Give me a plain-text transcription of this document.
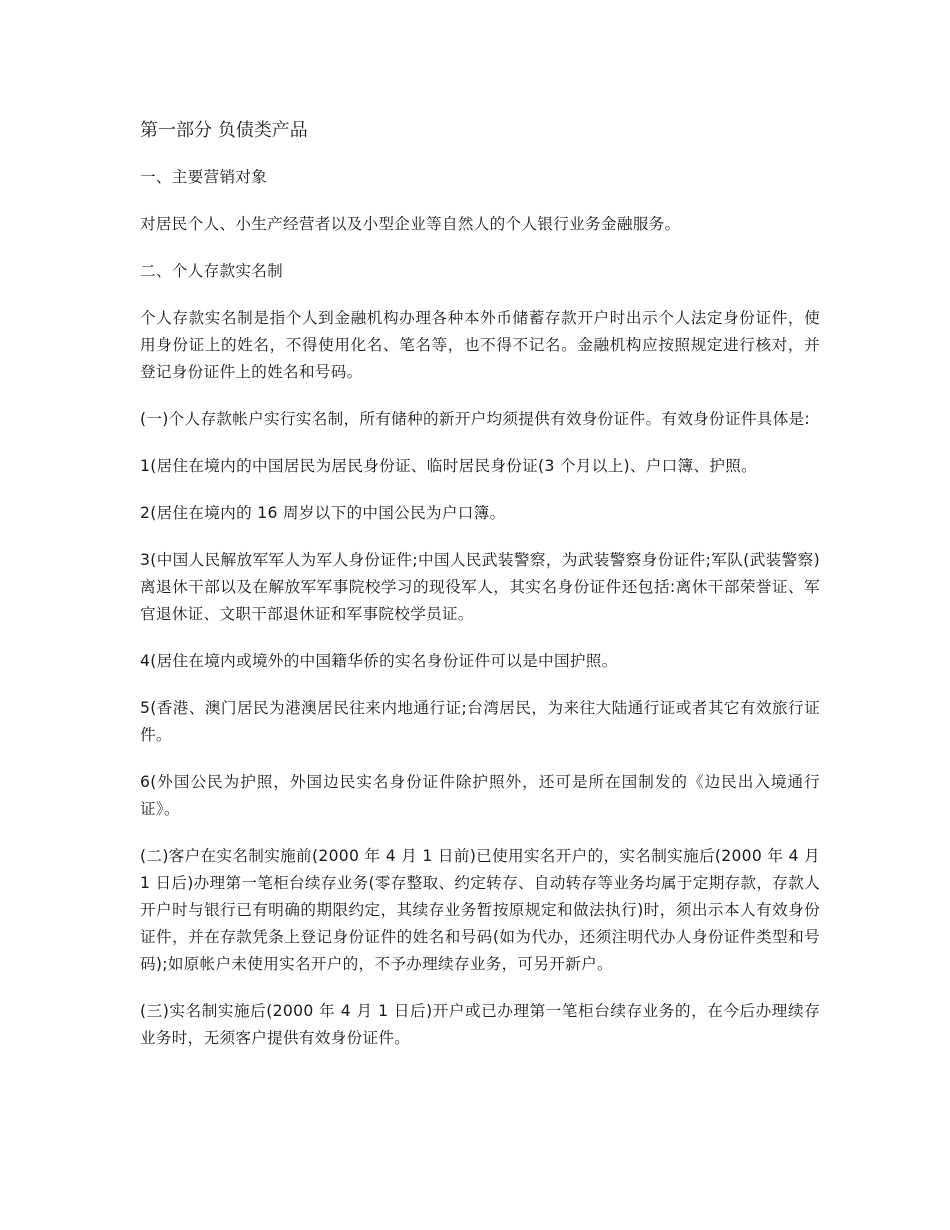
第一部分 负债类产品

一、主要营销对象

对居民个人、小生产经营者以及小型企业等自然人的个人银行业务金融服务。

二、个人存款实名制

个人存款实名制是指个人到金融机构办理各种本外币储蓄存款开户时出示个人法定身份证件，使用身份证上的姓名，不得使用化名、笔名等，也不得不记名。金融机构应按照规定进行核对，并登记身份证件上的姓名和号码。

(一)个人存款帐户实行实名制，所有储种的新开户均须提供有效身份证件。有效身份证件具体是:

1(居住在境内的中国居民为居民身份证、临时居民身份证(3 个月以上)、户口簿、护照。

2(居住在境内的 16 周岁以下的中国公民为户口簿。

3(中国人民解放军军人为军人身份证件;中国人民武装警察，为武装警察身份证件;军队(武装警察)离退休干部以及在解放军军事院校学习的现役军人，其实名身份证件还包括:离休干部荣誉证、军官退休证、文职干部退休证和军事院校学员证。

4(居住在境内或境外的中国籍华侨的实名身份证件可以是中国护照。

5(香港、澳门居民为港澳居民往来内地通行证;台湾居民，为来往大陆通行证或者其它有效旅行证件。

6(外国公民为护照，外国边民实名身份证件除护照外，还可是所在国制发的《边民出入境通行证》。

(二)客户在实名制实施前(2000 年 4 月 1 日前)已使用实名开户的，实名制实施后(2000 年 4 月 1 日后)办理第一笔柜台续存业务(零存整取、约定转存、自动转存等业务均属于定期存款，存款人开户时与银行已有明确的期限约定，其续存业务暂按原规定和做法执行)时，须出示本人有效身份证件，并在存款凭条上登记身份证件的姓名和号码(如为代办，还须注明代办人身份证件类型和号码);如原帐户未使用实名开户的，不予办理续存业务，可另开新户。

(三)实名制实施后(2000 年 4 月 1 日后)开户或已办理第一笔柜台续存业务的，在今后办理续存业务时，无须客户提供有效身份证件。
